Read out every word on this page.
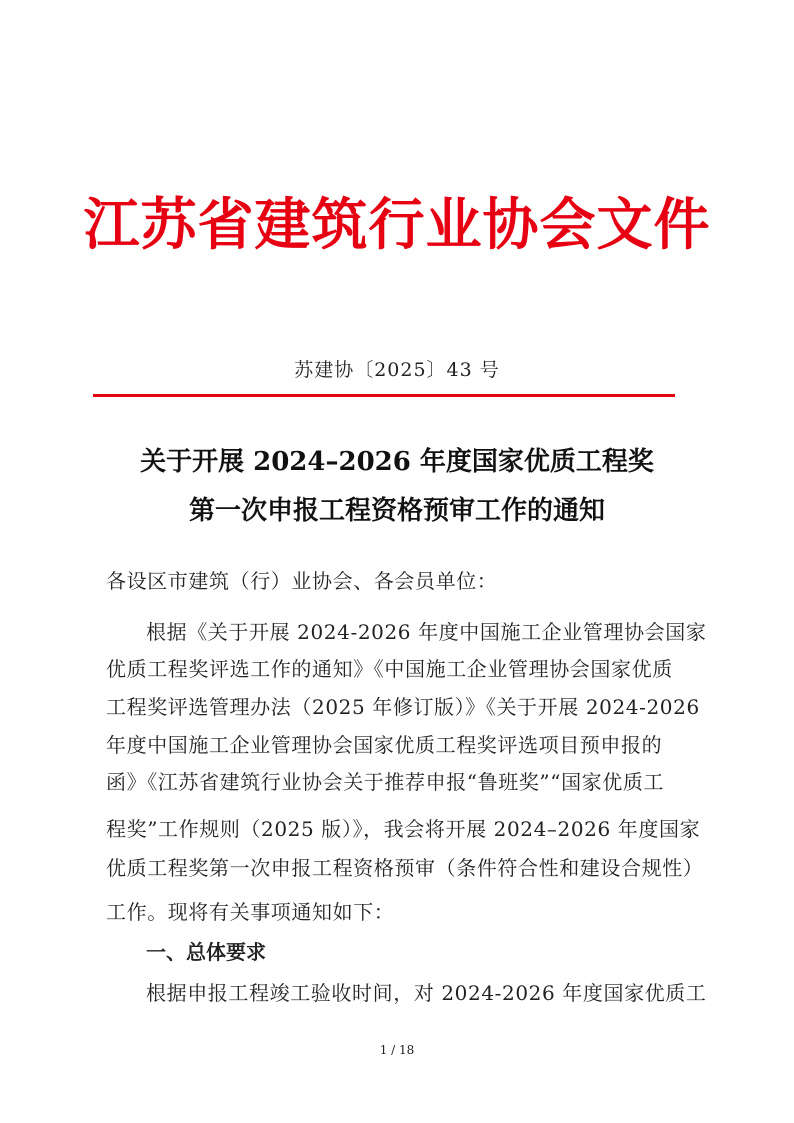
江苏省建筑行业协会文件
苏建协〔2025〕43 号
关于开展 2024–2026 年度国家优质工程奖
第一次申报工程资格预审工作的通知
各设区市建筑（行）业协会、各会员单位：
根据《关于开展 2024-2026 年度中国施工企业管理协会国家
优质工程奖评选工作的通知》《中国施工企业管理协会国家优质
工程奖评选管理办法（2025 年修订版）》《关于开展 2024-2026
年度中国施工企业管理协会国家优质工程奖评选项目预申报的
函》《江苏省建筑行业协会关于推荐申报“鲁班奖”“国家优质工
程奖”工作规则（2025 版）》，我会将开展 2024–2026 年度国家
优质工程奖第一次申报工程资格预审（条件符合性和建设合规性）
工作。现将有关事项通知如下：
一、总体要求
根据申报工程竣工验收时间，对 2024-2026 年度国家优质工
1 / 18
